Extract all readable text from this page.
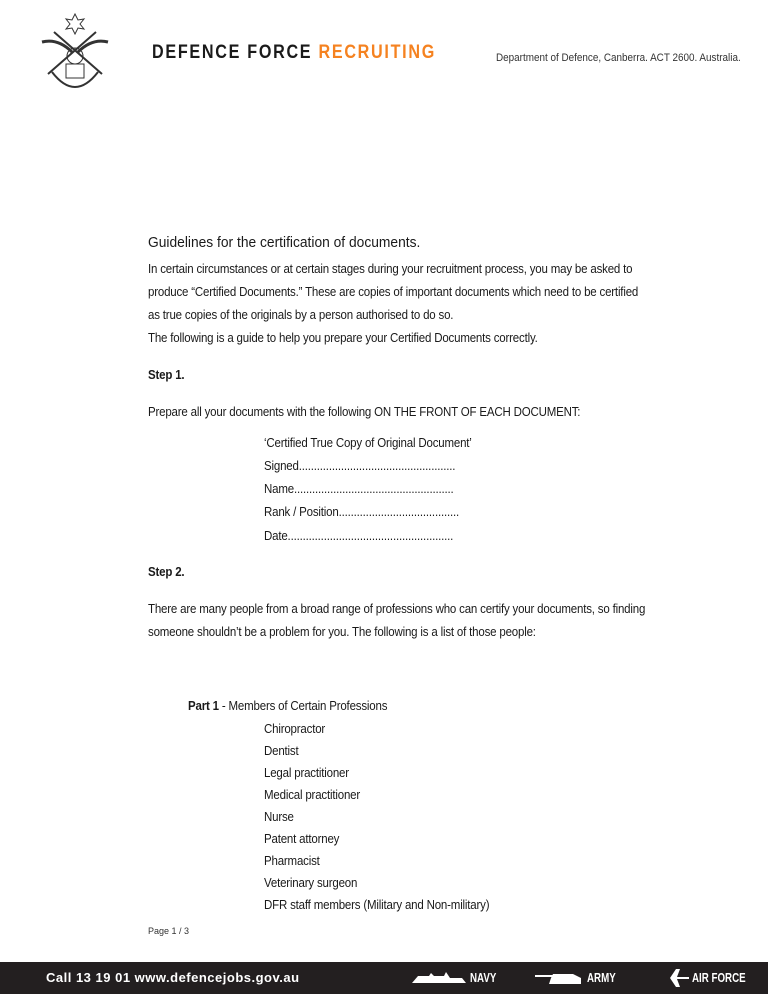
DEFENCE FORCE RECRUITING	Department of Defence, Canberra. ACT 2600. Australia.
Guidelines for the certification of documents.
In certain circumstances or at certain stages during your recruitment process, you may be asked to
produce “Certified Documents.” These are copies of important documents which need to be certified
as true copies of the originals by a person authorised to do so.
The following is a guide to help you prepare your Certified Documents correctly.
Step 1.
Prepare all your documents with the following ON THE FRONT OF EACH DOCUMENT:
‘Certified True Copy of Original Document’
Signed....................................................
Name.....................................................
Rank / Position........................................
Date.......................................................
Step 2.
There are many people from a broad range of professions who can certify your documents, so finding
someone shouldn’t be a problem for you. The following is a list of those people:
Part 1 - Members of Certain Professions
Chiropractor
Dentist
Legal practitioner
Medical practitioner
Nurse
Patent attorney
Pharmacist
Veterinary surgeon
DFR staff members (Military and Non-military)
Page 1 / 3
Call 13 19 01 www.defencejobs.gov.au	NAVY	ARMY	AIR FORCE
